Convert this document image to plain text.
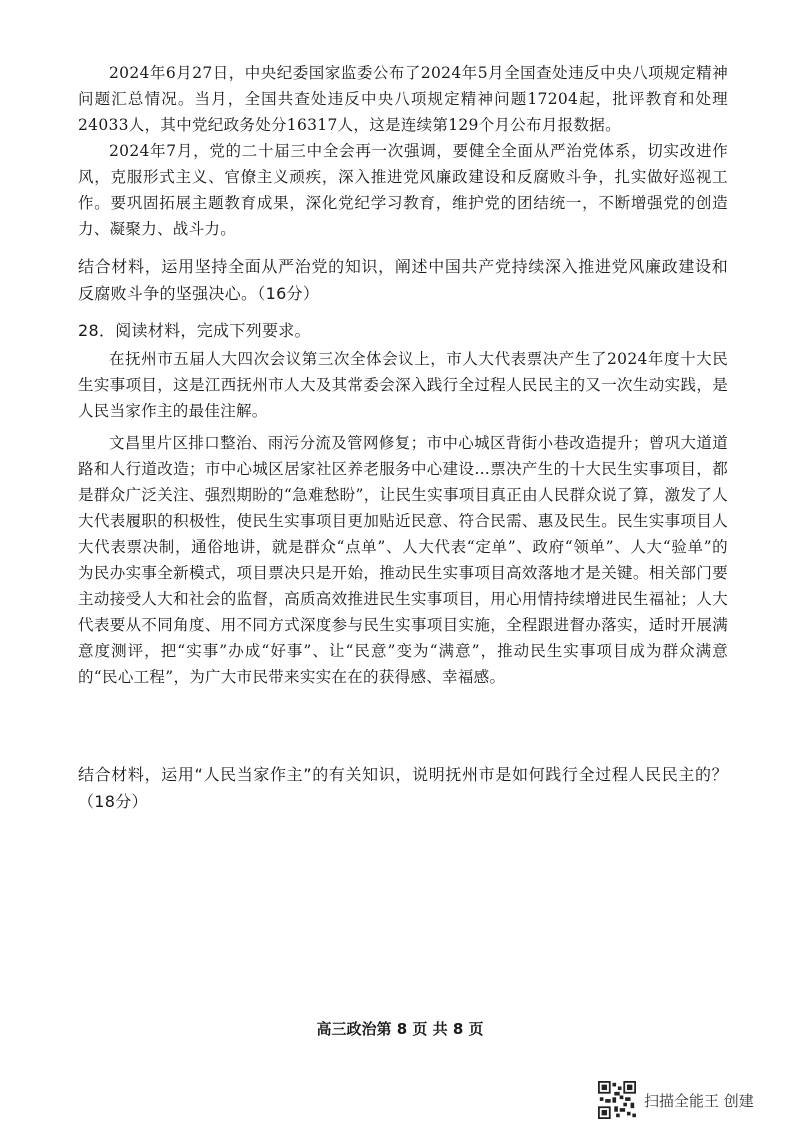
2024年6月27日，中央纪委国家监委公布了2024年5月全国查处违反中央八项规定精神问题汇总情况。当月，全国共查处违反中央八项规定精神问题17204起，批评教育和处理24033人，其中党纪政务处分16317人，这是连续第129个月公布月报数据。

2024年7月，党的二十届三中全会再一次强调，要健全全面从严治党体系，切实改进作风，克服形式主义、官僚主义顽疾，深入推进党风廉政建设和反腐败斗争，扎实做好巡视工作。要巩固拓展主题教育成果，深化党纪学习教育，维护党的团结统一，不断增强党的创造力、凝聚力、战斗力。

结合材料，运用坚持全面从严治党的知识，阐述中国共产党持续深入推进党风廉政建设和反腐败斗争的坚强决心。（16分）

28．阅读材料，完成下列要求。

在抚州市五届人大四次会议第三次全体会议上，市人大代表票决产生了2024年度十大民生实事项目，这是江西抚州市人大及其常委会深入践行全过程人民民主的又一次生动实践，是人民当家作主的最佳注解。

文昌里片区排口整治、雨污分流及管网修复；市中心城区背街小巷改造提升；曾巩大道道路和人行道改造；市中心城区居家社区养老服务中心建设…票决产生的十大民生实事项目，都是群众广泛关注、强烈期盼的“急难愁盼”，让民生实事项目真正由人民群众说了算，激发了人大代表履职的积极性，使民生实事项目更加贴近民意、符合民需、惠及民生。民生实事项目人大代表票决制，通俗地讲，就是群众“点单”、人大代表“定单”、政府“领单”、人大“验单”的为民办实事全新模式，项目票决只是开始，推动民生实事项目高效落地才是关键。相关部门要主动接受人大和社会的监督，高质高效推进民生实事项目，用心用情持续增进民生福祉；人大代表要从不同角度、用不同方式深度参与民生实事项目实施，全程跟进督办落实，适时开展满意度测评，把“实事”办成“好事”、让“民意”变为“满意”，推动民生实事项目成为群众满意的“民心工程”，为广大市民带来实实在在的获得感、幸福感。

结合材料，运用“人民当家作主”的有关知识，说明抚州市是如何践行全过程人民民主的？（18分）

高三政治第 8 页 共 8 页
扫描全能王 创建
